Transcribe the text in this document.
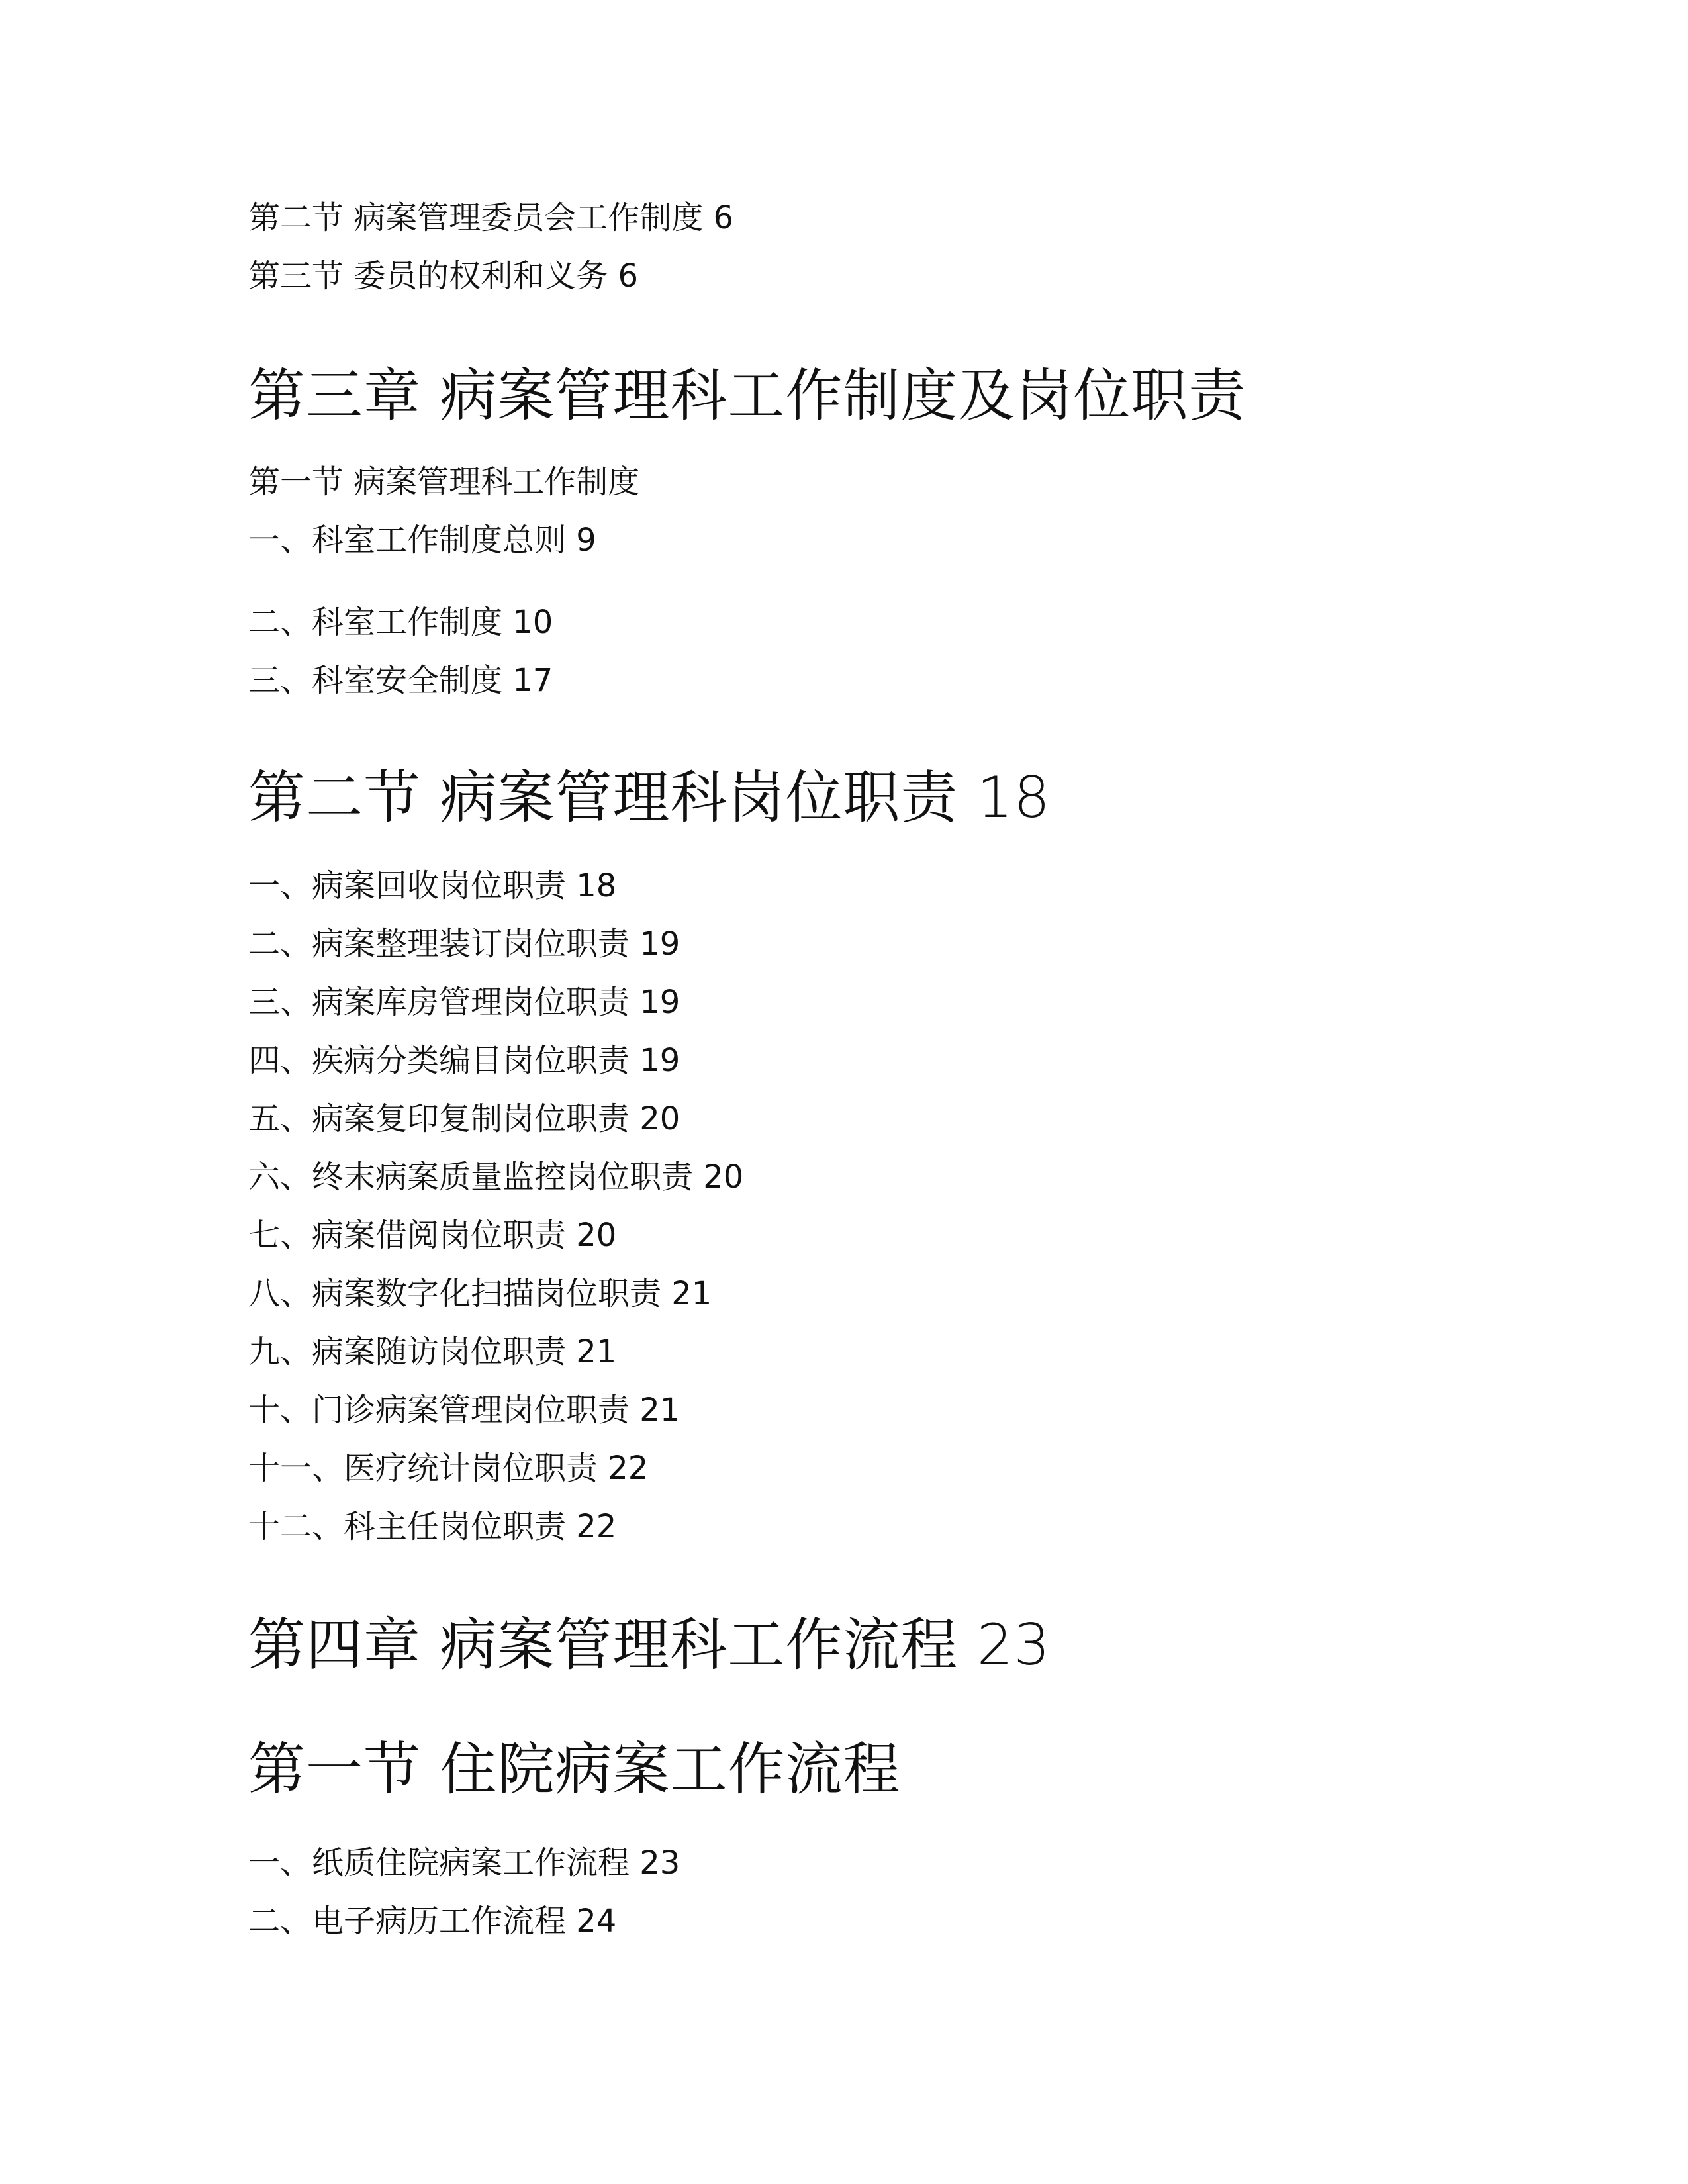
第二节 病案管理委员会工作制度 6
第三节 委员的权利和义务 6
第三章 病案管理科工作制度及岗位职责
第一节 病案管理科工作制度
一、科室工作制度总则 9
二、科室工作制度 10
三、科室安全制度 17
第二节 病案管理科岗位职责 18
一、病案回收岗位职责 18
二、病案整理装订岗位职责 19
三、病案库房管理岗位职责 19
四、疾病分类编目岗位职责 19
五、病案复印复制岗位职责 20
六、终末病案质量监控岗位职责 20
七、病案借阅岗位职责 20
八、病案数字化扫描岗位职责 21
九、病案随访岗位职责 21
十、门诊病案管理岗位职责 21
十一、医疗统计岗位职责 22
十二、科主任岗位职责 22
第四章 病案管理科工作流程 23
第一节 住院病案工作流程
一、纸质住院病案工作流程 23
二、电子病历工作流程 24
